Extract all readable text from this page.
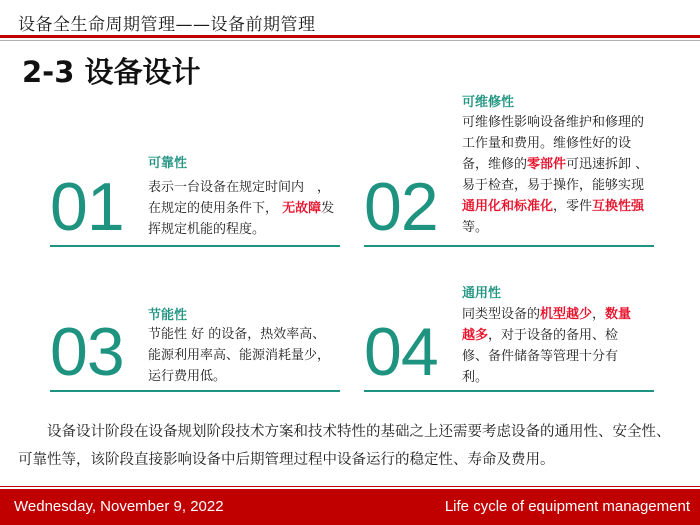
设备全生命周期管理——设备前期管理
2-3 设备设计
01
可靠性
表示一台设备在规定时间内　，在规定的使用条件下， 无故障发挥规定机能的程度。	02
可维修性
可维修性影响设备维护和修理的工作量和费用。维修性好的设备，维修的零部件可迅速拆卸 、 易于检查，易于操作，能够实现通用化和标准化，零件互换性强等。
03 节能性
节能性 好 的设备，热效率高、能源利用率高、能源消耗量少，运行费用低。	04
通用性
同类型设备的机型越少，数量越多，对于设备的备用、检修、备件储备等管理十分有利。
设备设计阶段在设备规划阶段技术方案和技术特性的基础之上还需要考虑设备的通用性、安全性、可靠性等，该阶段直接影响设备中后期管理过程中设备运行的稳定性、寿命及费用。
Wednesday, November 9, 2022	Life cycle of equipment management
